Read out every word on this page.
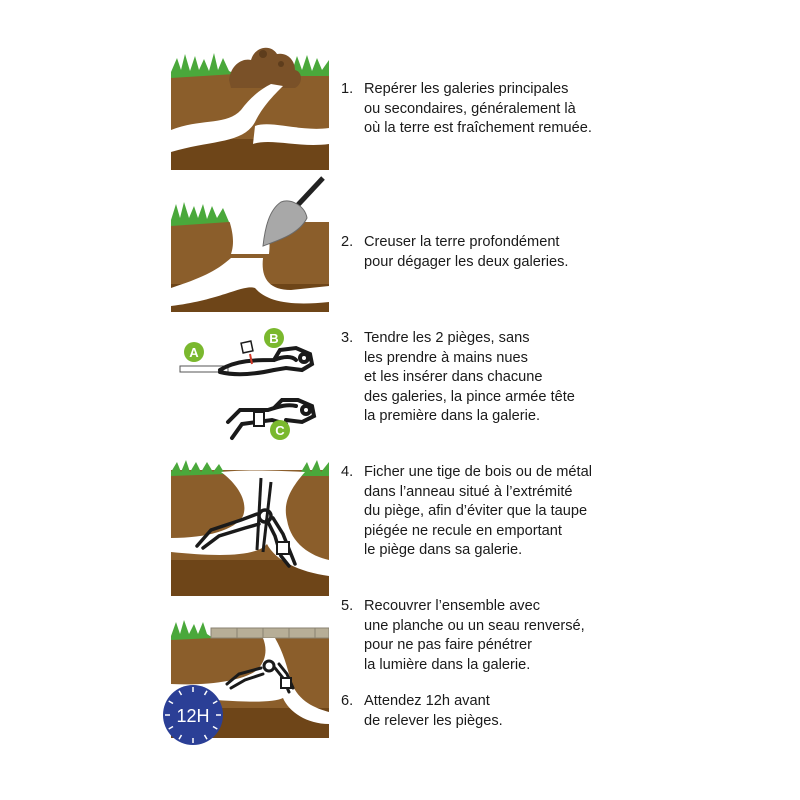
A
B
C
12H
1. Repérer les galeries principales
ou secondaires, généralement là
où la terre est fraîchement remuée.
2. Creuser la terre profondément
pour dégager les deux galeries.
3. Tendre les 2 pièges, sans
les prendre à mains nues
et les insérer dans chacune
des galeries, la pince armée tête
la première dans la galerie.
4. Ficher une tige de bois ou de métal
dans l’anneau situé à l’extrémité
du piège, afin d’éviter que la taupe
piégée ne recule en emportant
le piège dans sa galerie.
5. Recouvrer l’ensemble avec
une planche ou un seau renversé,
pour ne pas faire pénétrer
la lumière dans la galerie.
6. Attendez 12h avant
de relever les pièges.
